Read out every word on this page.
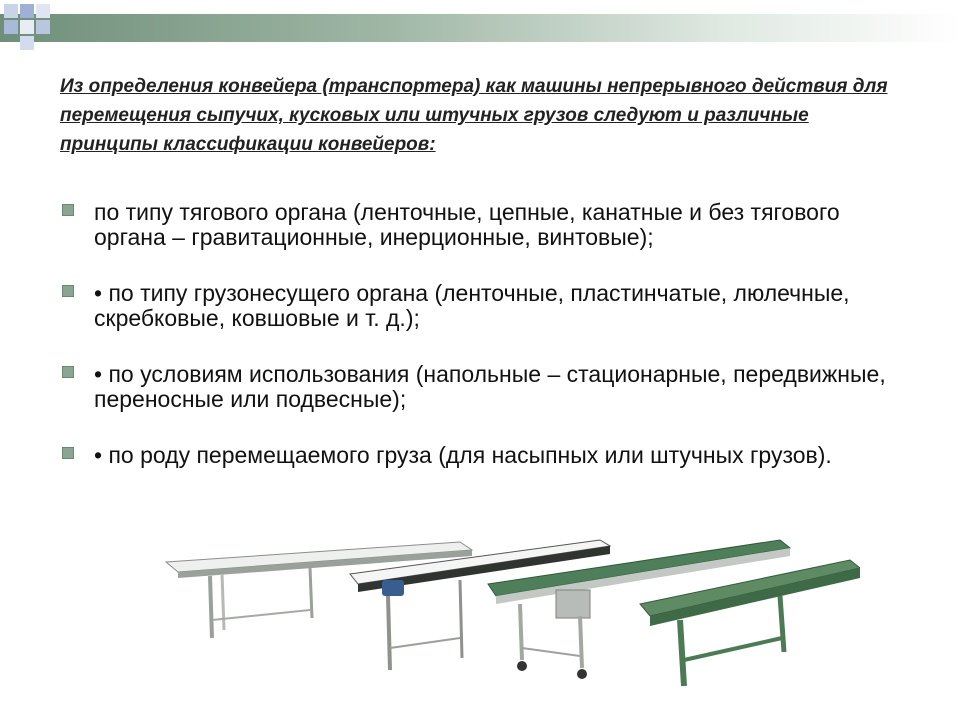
Из определения конвейера (транспортера) как машины непрерывного действия для перемещения сыпучих, кусковых или штучных грузов следуют и различные принципы классификации конвейеров:

по типу тягового органа (ленточные, цепные, канатные и без тягового органа – гравитационные, инерционные, винтовые);
• по типу грузонесущего органа (ленточные, пластинчатые, люлечные, скребковые, ковшовые и т. д.);
• по условиям использования (напольные – стационарные, передвижные, переносные или подвесные);
• по роду перемещаемого груза (для насыпных или штучных грузов).
